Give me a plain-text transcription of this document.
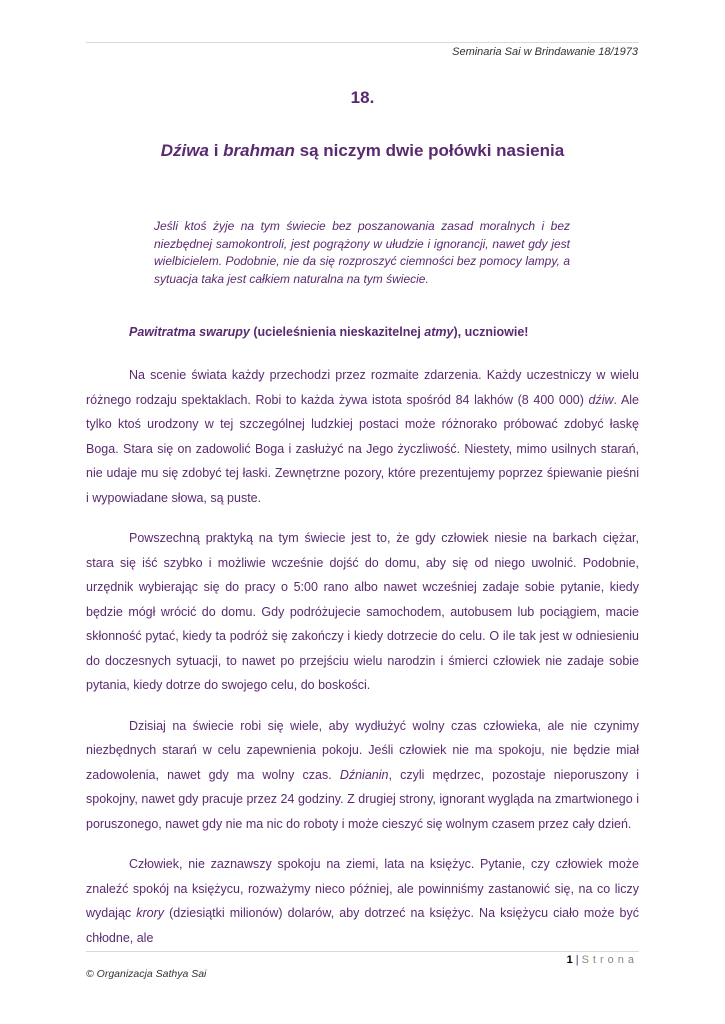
Seminaria Sai w Brindawanie 18/1973
18.
Dźiwa i brahman są niczym dwie połówki nasienia
Jeśli ktoś żyje na tym świecie bez poszanowania zasad moralnych i bez niezbędnej samokontroli, jest pogrążony w ułudzie i ignorancji, nawet gdy jest wielbicielem. Podobnie, nie da się rozproszyć ciemności bez pomocy lampy, a sytuacja taka jest całkiem naturalna na tym świecie.
Pawitratma swarupy (ucieleśnienia nieskazitelnej atmy), uczniowie!

Na scenie świata każdy przechodzi przez rozmaite zdarzenia. Każdy uczestniczy w wielu różnego rodzaju spektaklach. Robi to każda żywa istota spośród 84 lakhów (8 400 000) dźiw. Ale tylko ktoś urodzony w tej szczególnej ludzkiej postaci może różnorako próbować zdobyć łaskę Boga. Stara się on zadowolić Boga i zasłużyć na Jego życzliwość. Niestety, mimo usilnych starań, nie udaje mu się zdobyć tej łaski. Zewnętrzne pozory, które prezentujemy poprzez śpiewanie pieśni i wypowiadane słowa, są puste.

Powszechną praktyką na tym świecie jest to, że gdy człowiek niesie na barkach ciężar, stara się iść szybko i możliwie wcześnie dojść do domu, aby się od niego uwolnić. Podobnie, urzędnik wybierając się do pracy o 5:00 rano albo nawet wcześniej zadaje sobie pytanie, kiedy będzie mógł wrócić do domu. Gdy podróżujecie samochodem, autobusem lub pociągiem, macie skłonność pytać, kiedy ta podróż się zakończy i kiedy dotrzecie do celu. O ile tak jest w odniesieniu do doczesnych sytuacji, to nawet po przejściu wielu narodzin i śmierci człowiek nie zadaje sobie pytania, kiedy dotrze do swojego celu, do boskości.

Dzisiaj na świecie robi się wiele, aby wydłużyć wolny czas człowieka, ale nie czynimy niezbędnych starań w celu zapewnienia pokoju. Jeśli człowiek nie ma spokoju, nie będzie miał zadowolenia, nawet gdy ma wolny czas. Dźnianin, czyli mędrzec, pozostaje nieporuszony i spokojny, nawet gdy pracuje przez 24 godziny. Z drugiej strony, ignorant wygląda na zmartwionego i poruszonego, nawet gdy nie ma nic do roboty i może cieszyć się wolnym czasem przez cały dzień.

Człowiek, nie zaznawszy spokoju na ziemi, lata na księżyc. Pytanie, czy człowiek może znaleźć spokój na księżycu, rozważymy nieco później, ale powinniśmy zastanowić się, na co liczy wydając krory (dziesiątki milionów) dolarów, aby dotrzeć na księżyc. Na księżycu ciało może być chłodne, ale

1 | Strona
© Organizacja Sathya Sai
